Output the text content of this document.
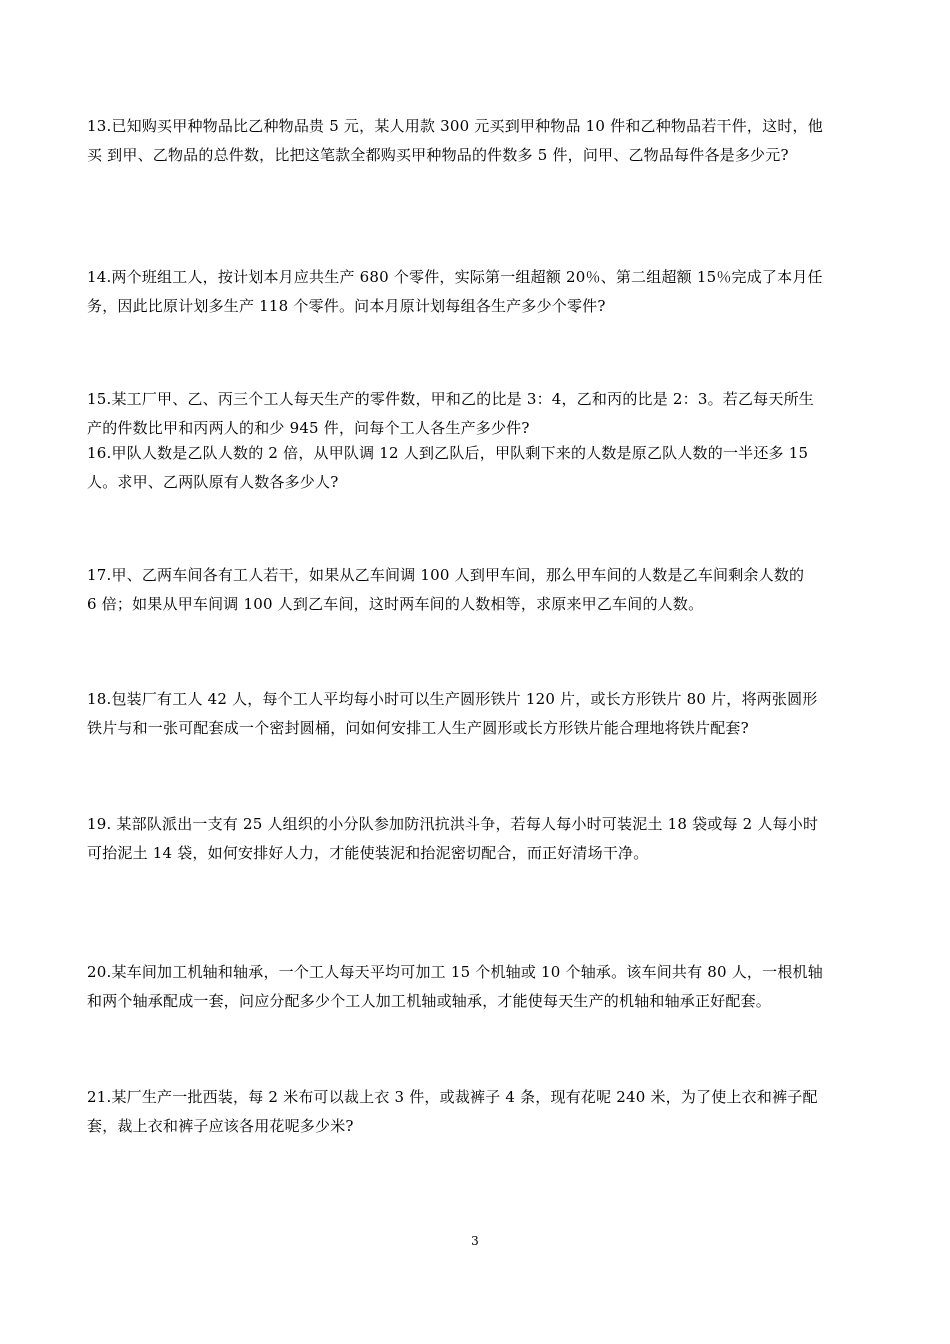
13.已知购买甲种物品比乙种物品贵 5 元，某人用款 300 元买到甲种物品 10 件和乙种物品若干件，这时，他

买 到甲、乙物品的总件数，比把这笔款全都购买甲种物品的件数多 5 件，问甲、乙物品每件各是多少元?

14.两个班组工人，按计划本月应共生产 680 个零件，实际第一组超额 20％、第二组超额 15％完成了本月任

务，因此比原计划多生产 118 个零件。问本月原计划每组各生产多少个零件?

15.某工厂甲、乙、丙三个工人每天生产的零件数，甲和乙的比是 3：4，乙和丙的比是 2：3。若乙每天所生

产的件数比甲和丙两人的和少 945 件，问每个工人各生产多少件?

16.甲队人数是乙队人数的 2 倍，从甲队调 12 人到乙队后，甲队剩下来的人数是原乙队人数的一半还多 15

人。求甲、乙两队原有人数各多少人?

17.甲、乙两车间各有工人若干，如果从乙车间调 100 人到甲车间，那么甲车间的人数是乙车间剩余人数的

6 倍；如果从甲车间调 100 人到乙车间，这时两车间的人数相等，求原来甲乙车间的人数。

18.包装厂有工人 42 人，每个工人平均每小时可以生产圆形铁片 120 片，或长方形铁片 80 片，将两张圆形

铁片与和一张可配套成一个密封圆桶，问如何安排工人生产圆形或长方形铁片能合理地将铁片配套?

19. 某部队派出一支有 25 人组织的小分队参加防汛抗洪斗争，若每人每小时可装泥土 18 袋或每 2 人每小时

可抬泥土 14 袋，如何安排好人力，才能使装泥和抬泥密切配合，而正好清场干净。

20.某车间加工机轴和轴承，一个工人每天平均可加工 15 个机轴或 10 个轴承。该车间共有 80 人，一根机轴

和两个轴承配成一套，问应分配多少个工人加工机轴或轴承，才能使每天生产的机轴和轴承正好配套。

21.某厂生产一批西装，每 2 米布可以裁上衣 3 件，或裁裤子 4 条，现有花呢 240 米，为了使上衣和裤子配

套，裁上衣和裤子应该各用花呢多少米?

3
